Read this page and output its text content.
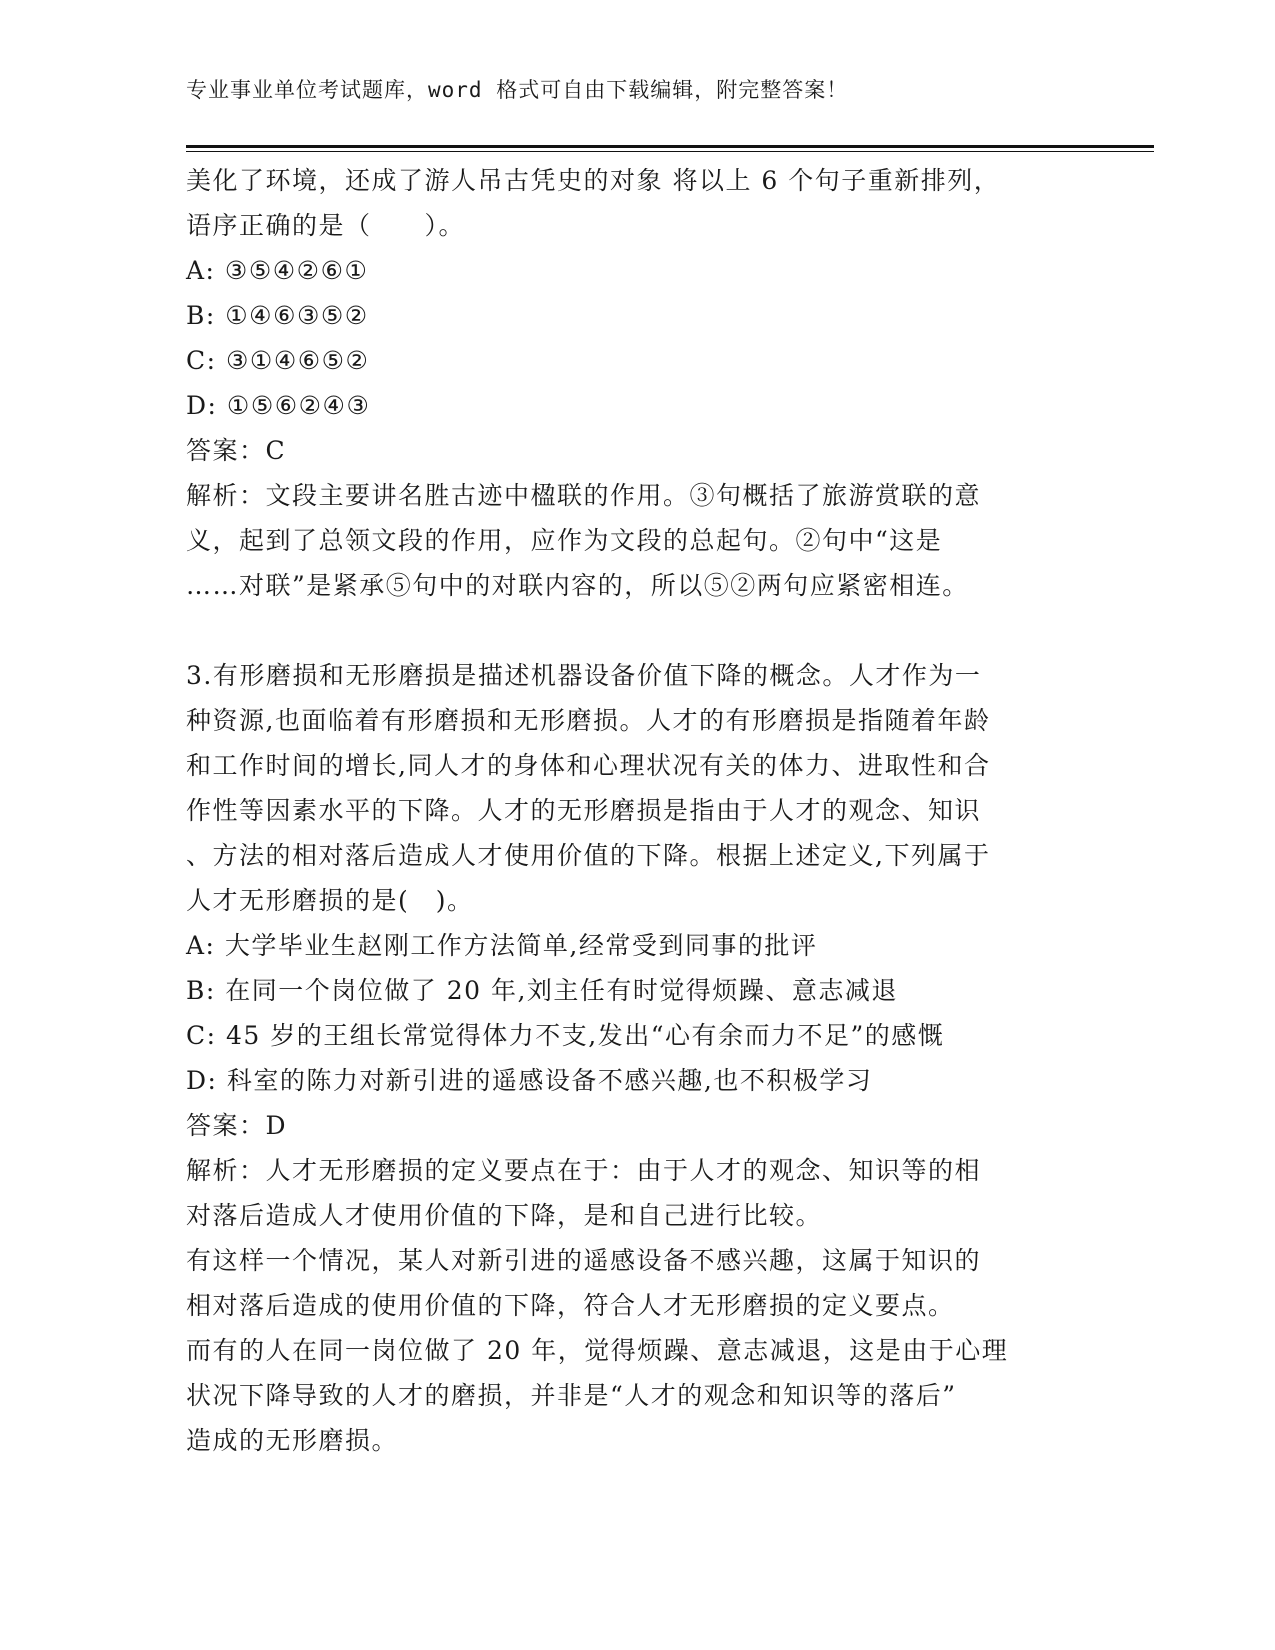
专业事业单位考试题库，word 格式可自由下载编辑，附完整答案！
美化了环境，还成了游人吊古凭史的对象 将以上 6 个句子重新排列，
语序正确的是（　　）。
A: ③⑤④②⑥①
B: ①④⑥③⑤②
C: ③①④⑥⑤②
D: ①⑤⑥②④③
答案：C
解析：文段主要讲名胜古迹中楹联的作用。③句概括了旅游赏联的意
义，起到了总领文段的作用，应作为文段的总起句。②句中“这是
……对联”是紧承⑤句中的对联内容的，所以⑤②两句应紧密相连。
3.有形磨损和无形磨损是描述机器设备价值下降的概念。人才作为一
种资源,也面临着有形磨损和无形磨损。人才的有形磨损是指随着年龄
和工作时间的增长,同人才的身体和心理状况有关的体力、进取性和合
作性等因素水平的下降。人才的无形磨损是指由于人才的观念、知识
、方法的相对落后造成人才使用价值的下降。根据上述定义,下列属于
人才无形磨损的是(　)。
A: 大学毕业生赵刚工作方法简单,经常受到同事的批评
B: 在同一个岗位做了 20 年,刘主任有时觉得烦躁、意志减退
C: 45 岁的王组长常觉得体力不支,发出“心有余而力不足”的感慨
D: 科室的陈力对新引进的遥感设备不感兴趣,也不积极学习
答案：D
解析：人才无形磨损的定义要点在于：由于人才的观念、知识等的相
对落后造成人才使用价值的下降，是和自己进行比较。
有这样一个情况，某人对新引进的遥感设备不感兴趣，这属于知识的
相对落后造成的使用价值的下降，符合人才无形磨损的定义要点。
而有的人在同一岗位做了 20 年，觉得烦躁、意志减退，这是由于心理
状况下降导致的人才的磨损，并非是“人才的观念和知识等的落后”
造成的无形磨损。
